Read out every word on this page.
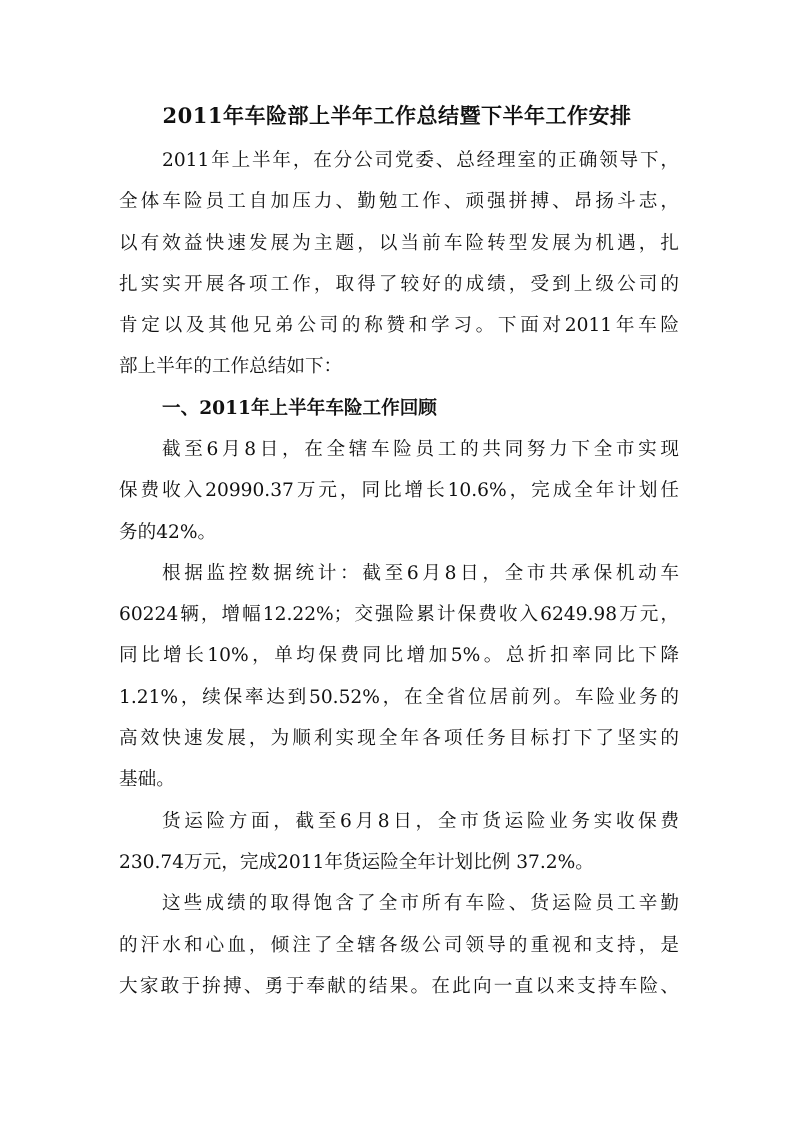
2011年车险部上半年工作总结暨下半年工作安排
2011年上半年，在分公司党委、总经理室的正确领导下，
全体车险员工自加压力、勤勉工作、顽强拼搏、昂扬斗志，
以有效益快速发展为主题，以当前车险转型发展为机遇，扎
扎实实开展各项工作，取得了较好的成绩，受到上级公司的
肯定以及其他兄弟公司的称赞和学习。下面对2011年车险
部上半年的工作总结如下：
一、2011年上半年车险工作回顾
截至6月8日，在全辖车险员工的共同努力下全市实现
保费收入20990.37万元，同比增长10.6%，完成全年计划任
务的42%。
根据监控数据统计：截至6月8日，全市共承保机动车
60224辆，增幅12.22%；交强险累计保费收入6249.98万元，
同比增长10%，单均保费同比增加5%。总折扣率同比下降
1.21%，续保率达到50.52%，在全省位居前列。车险业务的
高效快速发展，为顺利实现全年各项任务目标打下了坚实的
基础。
货运险方面，截至6月8日，全市货运险业务实收保费
230.74万元，完成2011年货运险全年计划比例 37.2%。
这些成绩的取得饱含了全市所有车险、货运险员工辛勤
的汗水和心血，倾注了全辖各级公司领导的重视和支持，是
大家敢于拚搏、勇于奉献的结果。在此向一直以来支持车险、
